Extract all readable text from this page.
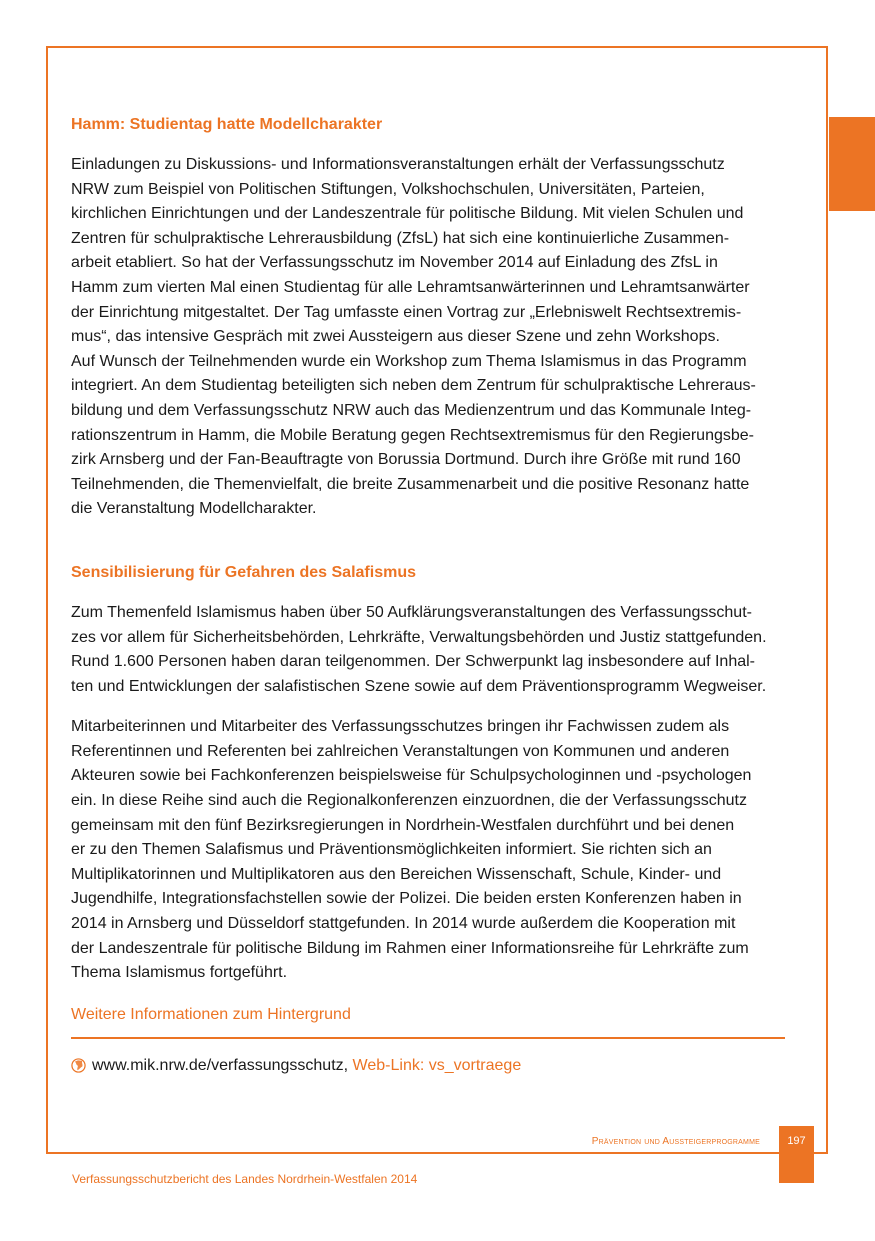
Hamm: Studientag hatte Modellcharakter

Einladungen zu Diskussions- und Informationsveranstaltungen erhält der Verfassungsschutz
NRW zum Beispiel von Politischen Stiftungen, Volkshochschulen, Universitäten, Parteien,
kirchlichen Einrichtungen und der Landeszentrale für politische Bildung. Mit vielen Schulen und
Zentren für schulpraktische Lehrerausbildung (ZfsL) hat sich eine kontinuierliche Zusammen-
arbeit etabliert. So hat der Verfassungsschutz im November 2014 auf Einladung des ZfsL in
Hamm zum vierten Mal einen Studientag für alle Lehramtsanwärterinnen und Lehramtsanwärter
der Einrichtung mitgestaltet. Der Tag umfasste einen Vortrag zur „Erlebniswelt Rechtsextremis-
mus“, das intensive Gespräch mit zwei Aussteigern aus dieser Szene und zehn Workshops.
Auf Wunsch der Teilnehmenden wurde ein Workshop zum Thema Islamismus in das Programm
integriert. An dem Studientag beteiligten sich neben dem Zentrum für schulpraktische Lehreraus-
bildung und dem Verfassungsschutz NRW auch das Medienzentrum und das Kommunale Integ-
rationszentrum in Hamm, die Mobile Beratung gegen Rechtsextremismus für den Regierungsbe-
zirk Arnsberg und der Fan-Beauftragte von Borussia Dortmund. Durch ihre Größe mit rund 160
Teilnehmenden, die Themenvielfalt, die breite Zusammenarbeit und die positive Resonanz hatte
die Veranstaltung Modellcharakter.

Sensibilisierung für Gefahren des Salafismus

Zum Themenfeld Islamismus haben über 50 Aufklärungsveranstaltungen des Verfassungsschut-
zes vor allem für Sicherheitsbehörden, Lehrkräfte, Verwaltungsbehörden und Justiz stattgefunden.
Rund 1.600 Personen haben daran teilgenommen. Der Schwerpunkt lag insbesondere auf Inhal-
ten und Entwicklungen der salafistischen Szene sowie auf dem Präventionsprogramm Wegweiser.

Mitarbeiterinnen und Mitarbeiter des Verfassungsschutzes bringen ihr Fachwissen zudem als
Referentinnen und Referenten bei zahlreichen Veranstaltungen von Kommunen und anderen
Akteuren sowie bei Fachkonferenzen beispielsweise für Schulpsychologinnen und -psychologen
ein. In diese Reihe sind auch die Regionalkonferenzen einzuordnen, die der Verfassungsschutz
gemeinsam mit den fünf Bezirksregierungen in Nordrhein-Westfalen durchführt und bei denen
er zu den Themen Salafismus und Präventionsmöglichkeiten informiert. Sie richten sich an
Multiplikatorinnen und Multiplikatoren aus den Bereichen Wissenschaft, Schule, Kinder- und
Jugendhilfe, Integrationsfachstellen sowie der Polizei. Die beiden ersten Konferenzen haben in
2014 in Arnsberg und Düsseldorf stattgefunden. In 2014 wurde außerdem die Kooperation mit
der Landeszentrale für politische Bildung im Rahmen einer Informationsreihe für Lehrkräfte zum
Thema Islamismus fortgeführt.

Weitere Informationen zum Hintergrund
www.mik.nrw.de/verfassungsschutz,
Web-Link: vs_vortraege
Prävention und Aussteigerprogramme	197
Verfassungsschutzbericht des Landes Nordrhein-Westfalen 2014
